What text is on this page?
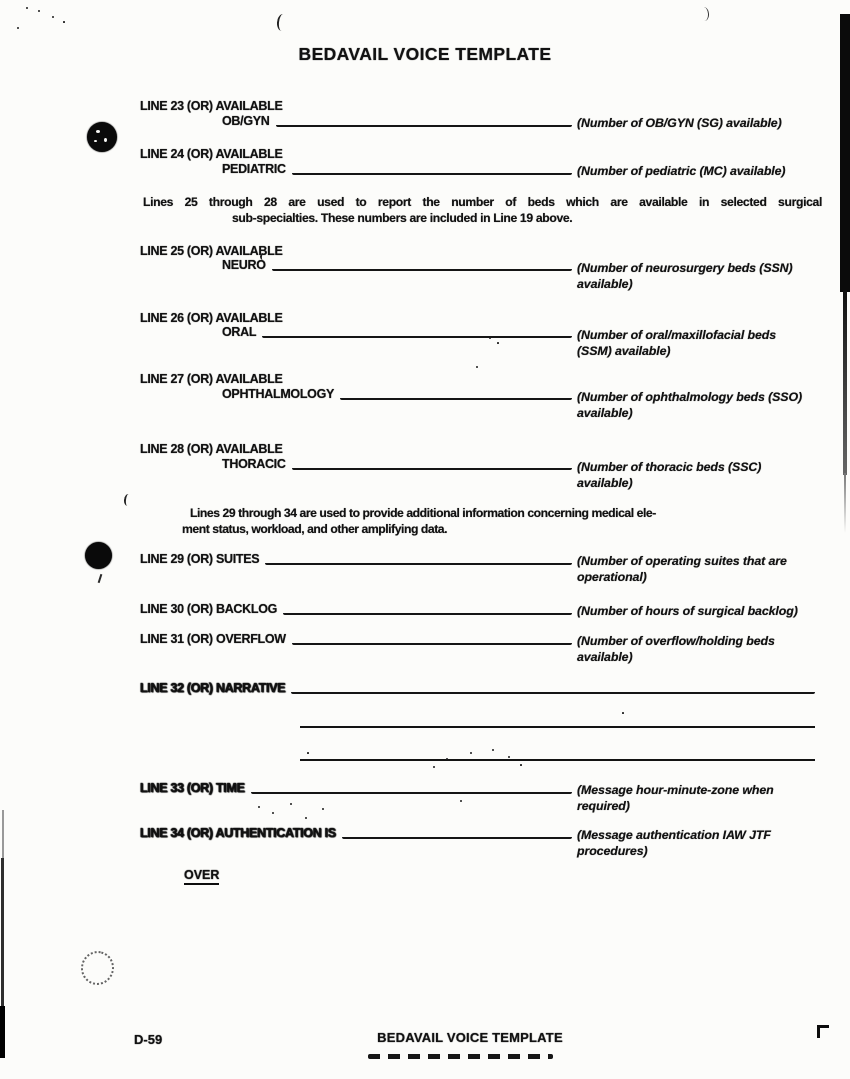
BEDAVAIL VOICE TEMPLATE
LINE 23 (OR) AVAILABLE
OB/GYN	(Number of OB/GYN (SG) available)
LINE 24 (OR) AVAILABLE
PEDIATRIC	(Number of pediatric (MC) available)
Lines 25 through 28 are used to report the number of beds which are available in selected surgical
sub-specialties. These numbers are included in Line 19 above.
LINE 25 (OR) AVAILABLE
NEURO	(Number of neurosurgery beds (SSN)
available)
LINE 26 (OR) AVAILABLE
ORAL	(Number of oral/maxillofacial beds
(SSM) available)
LINE 27 (OR) AVAILABLE
OPHTHALMOLOGY	(Number of ophthalmology beds (SSO)
available)
LINE 28 (OR) AVAILABLE
THORACIC	(Number of thoracic beds (SSC)
available)
Lines 29 through 34 are used to provide additional information concerning medical ele-
ment status, workload, and other amplifying data.
LINE 29 (OR) SUITES	(Number of operating suites that are
operational)
LINE 30 (OR) BACKLOG	(Number of hours of surgical backlog)
LINE 31 (OR) OVERFLOW	(Number of overflow/holding beds
available)
LINE 32 (OR) NARRATIVE
LINE 33 (OR) TIME	(Message hour-minute-zone when
required)
LINE 34 (OR) AUTHENTICATION IS	(Message authentication IAW JTF
procedures)
OVER
D-59	BEDAVAIL VOICE TEMPLATE
